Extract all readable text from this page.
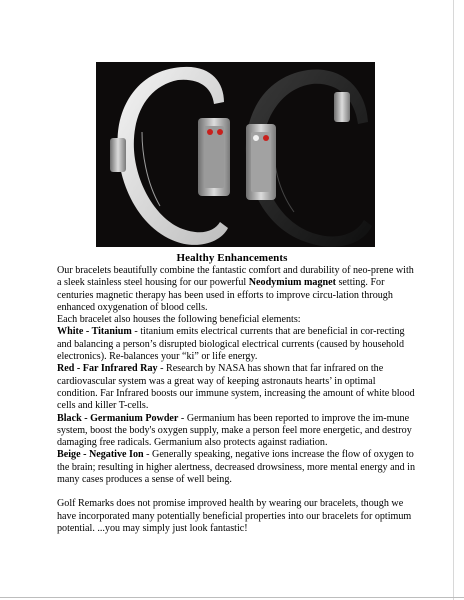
Healthy Enhancements

Our bracelets beautifully combine the fantastic comfort and durability of neo-prene with a sleek stainless steel housing for our powerful Neodymium magnet setting. For centuries magnetic therapy has been used in efforts to improve circu-lation through enhanced oxygenation of blood cells.

Each bracelet also houses the following beneficial elements:

White - Titanium - titanium emits electrical currents that are beneficial in cor-recting and balancing a person’s disrupted biological electrical currents (caused by household electronics). Re-balances your “ki” or life energy.

Red - Far Infrared Ray - Research by NASA has shown that far infrared on the cardiovascular system was a great way of keeping astronauts hearts’ in optimal condition. Far Infrared boosts our immune system, increasing the amount of white blood cells and killer T-cells.

Black - Germanium Powder - Germanium has been reported to improve the im-mune system, boost the body's oxygen supply, make a person feel more energetic, and destroy damaging free radicals. Germanium also protects against radiation.

Beige - Negative Ion - Generally speaking, negative ions increase the flow of oxygen to the brain; resulting in higher alertness, decreased drowsiness, more mental energy and in many cases produces a sense of well being.

Golf Remarks does not promise improved health by wearing our bracelets, though we have incorporated many potentially beneficial properties into our bracelets for optimum potential. ...you may simply just look fantastic!
